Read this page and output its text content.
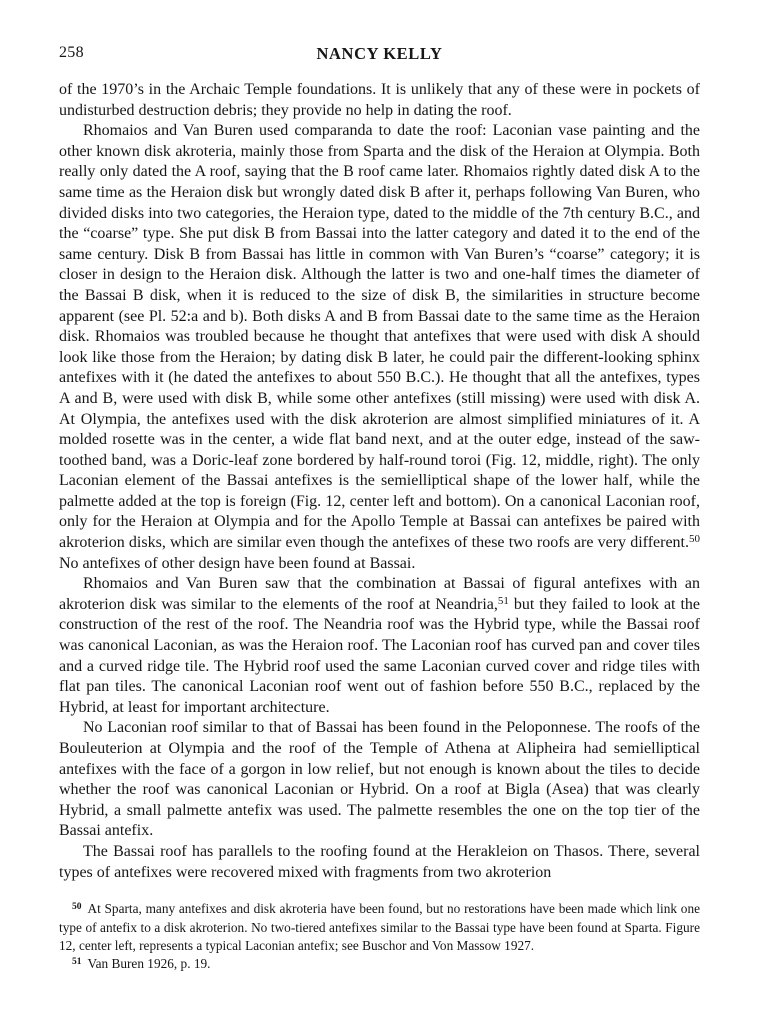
258	NANCY KELLY

of the 1970’s in the Archaic Temple foundations. It is unlikely that any of these were in pockets of undisturbed destruction debris; they provide no help in dating the roof.

Rhomaios and Van Buren used comparanda to date the roof: Laconian vase painting and the other known disk akroteria, mainly those from Sparta and the disk of the Heraion at Olympia. Both really only dated the A roof, saying that the B roof came later. Rhomaios rightly dated disk A to the same time as the Heraion disk but wrongly dated disk B after it, perhaps following Van Buren, who divided disks into two categories, the Heraion type, dated to the middle of the 7th century B.C., and the “coarse” type. She put disk B from Bassai into the latter category and dated it to the end of the same century. Disk B from Bassai has little in common with Van Buren’s “coarse” category; it is closer in design to the Heraion disk. Although the latter is two and one-half times the diameter of the Bassai B disk, when it is reduced to the size of disk B, the similarities in structure become apparent (see Pl. 52:a and b). Both disks A and B from Bassai date to the same time as the Heraion disk. Rhomaios was troubled because he thought that antefixes that were used with disk A should look like those from the Heraion; by dating disk B later, he could pair the different-looking sphinx antefixes with it (he dated the antefixes to about 550 B.C.). He thought that all the antefixes, types A and B, were used with disk B, while some other antefixes (still missing) were used with disk A. At Olympia, the antefixes used with the disk akroterion are almost simplified miniatures of it. A molded rosette was in the center, a wide flat band next, and at the outer edge, instead of the saw-toothed band, was a Doric-leaf zone bordered by half-round toroi (Fig. 12, middle, right). The only Laconian element of the Bassai antefixes is the semielliptical shape of the lower half, while the palmette added at the top is foreign (Fig. 12, center left and bottom). On a canonical Laconian roof, only for the Heraion at Olympia and for the Apollo Temple at Bassai can antefixes be paired with akroterion disks, which are similar even though the antefixes of these two roofs are very different.$^{50}$ No antefixes of other design have been found at Bassai.

Rhomaios and Van Buren saw that the combination at Bassai of figural antefixes with an akroterion disk was similar to the elements of the roof at Neandria,$^{51}$ but they failed to look at the construction of the rest of the roof. The Neandria roof was the Hybrid type, while the Bassai roof was canonical Laconian, as was the Heraion roof. The Laconian roof has curved pan and cover tiles and a curved ridge tile. The Hybrid roof used the same Laconian curved cover and ridge tiles with flat pan tiles. The canonical Laconian roof went out of fashion before 550 B.C., replaced by the Hybrid, at least for important architecture.

No Laconian roof similar to that of Bassai has been found in the Peloponnese. The roofs of the Bouleuterion at Olympia and the roof of the Temple of Athena at Alipheira had semielliptical antefixes with the face of a gorgon in low relief, but not enough is known about the tiles to decide whether the roof was canonical Laconian or Hybrid. On a roof at Bigla (Asea) that was clearly Hybrid, a small palmette antefix was used. The palmette resembles the one on the top tier of the Bassai antefix.

The Bassai roof has parallels to the roofing found at the Herakleion on Thasos. There, several types of antefixes were recovered mixed with fragments from two akroterion

$^{50}$ At Sparta, many antefixes and disk akroteria have been found, but no restorations have been made which link one type of antefix to a disk akroterion. No two-tiered antefixes similar to the Bassai type have been found at Sparta. Figure 12, center left, represents a typical Laconian antefix; see Buschor and Von Massow 1927.

$^{51}$ Van Buren 1926, p. 19.
